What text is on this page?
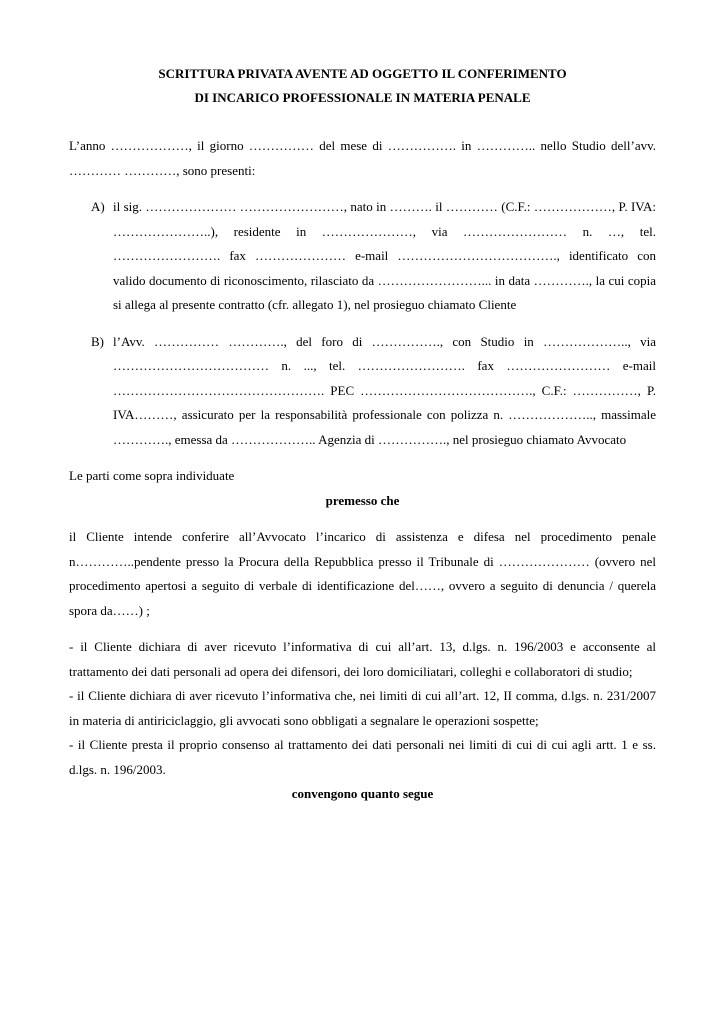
SCRITTURA PRIVATA AVENTE AD OGGETTO IL CONFERIMENTO
DI INCARICO PROFESSIONALE IN MATERIA PENALE

L’anno ………………, il giorno …………… del mese di ……………. in ………….. nello Studio dell’avv. ………… …………, sono presenti:

A) il sig. ………………… ……………………, nato in ………. il ………… (C.F.: ………………, P. IVA: …………………..), residente in …………………, via …………………… n. …, tel. ……………………. fax ………………… e-mail ………………………………., identificato con valido documento di riconoscimento, rilasciato da ……………………... in data …………., la cui copia si allega al presente contratto (cfr. allegato 1), nel prosieguo chiamato Cliente
B) l’Avv. …………… …………., del foro di ……………., con Studio in ……………….., via ……………………………… n. ..., tel. ……………………. fax …………………… e-mail …………………………………………. PEC …………………………………., C.F.: ……………, P. IVA………, assicurato per la responsabilità professionale con polizza n. ……………….., massimale …………., emessa da ……………….. Agenzia di ……………., nel prosieguo chiamato Avvocato

Le parti come sopra individuate

premesso che

il Cliente intende conferire all’Avvocato l’incarico di assistenza e difesa nel procedimento penale n…………..pendente presso la Procura della Repubblica presso il Tribunale di ………………… (ovvero nel procedimento apertosi a seguito di verbale di identificazione del……, ovvero a seguito di denuncia / querela spora da……) ;

- il Cliente dichiara di aver ricevuto l’informativa di cui all’art. 13, d.lgs. n. 196/2003 e acconsente al trattamento dei dati personali ad opera dei difensori, dei loro domiciliatari, colleghi e collaboratori di studio;

- il Cliente dichiara di aver ricevuto l’informativa che, nei limiti di cui all’art. 12, II comma, d.lgs. n. 231/2007 in materia di antiriciclaggio, gli avvocati sono obbligati a segnalare le operazioni sospette;

- il Cliente presta il proprio consenso al trattamento dei dati personali nei limiti di cui di cui agli artt. 1 e ss. d.lgs. n. 196/2003.

convengono quanto segue
